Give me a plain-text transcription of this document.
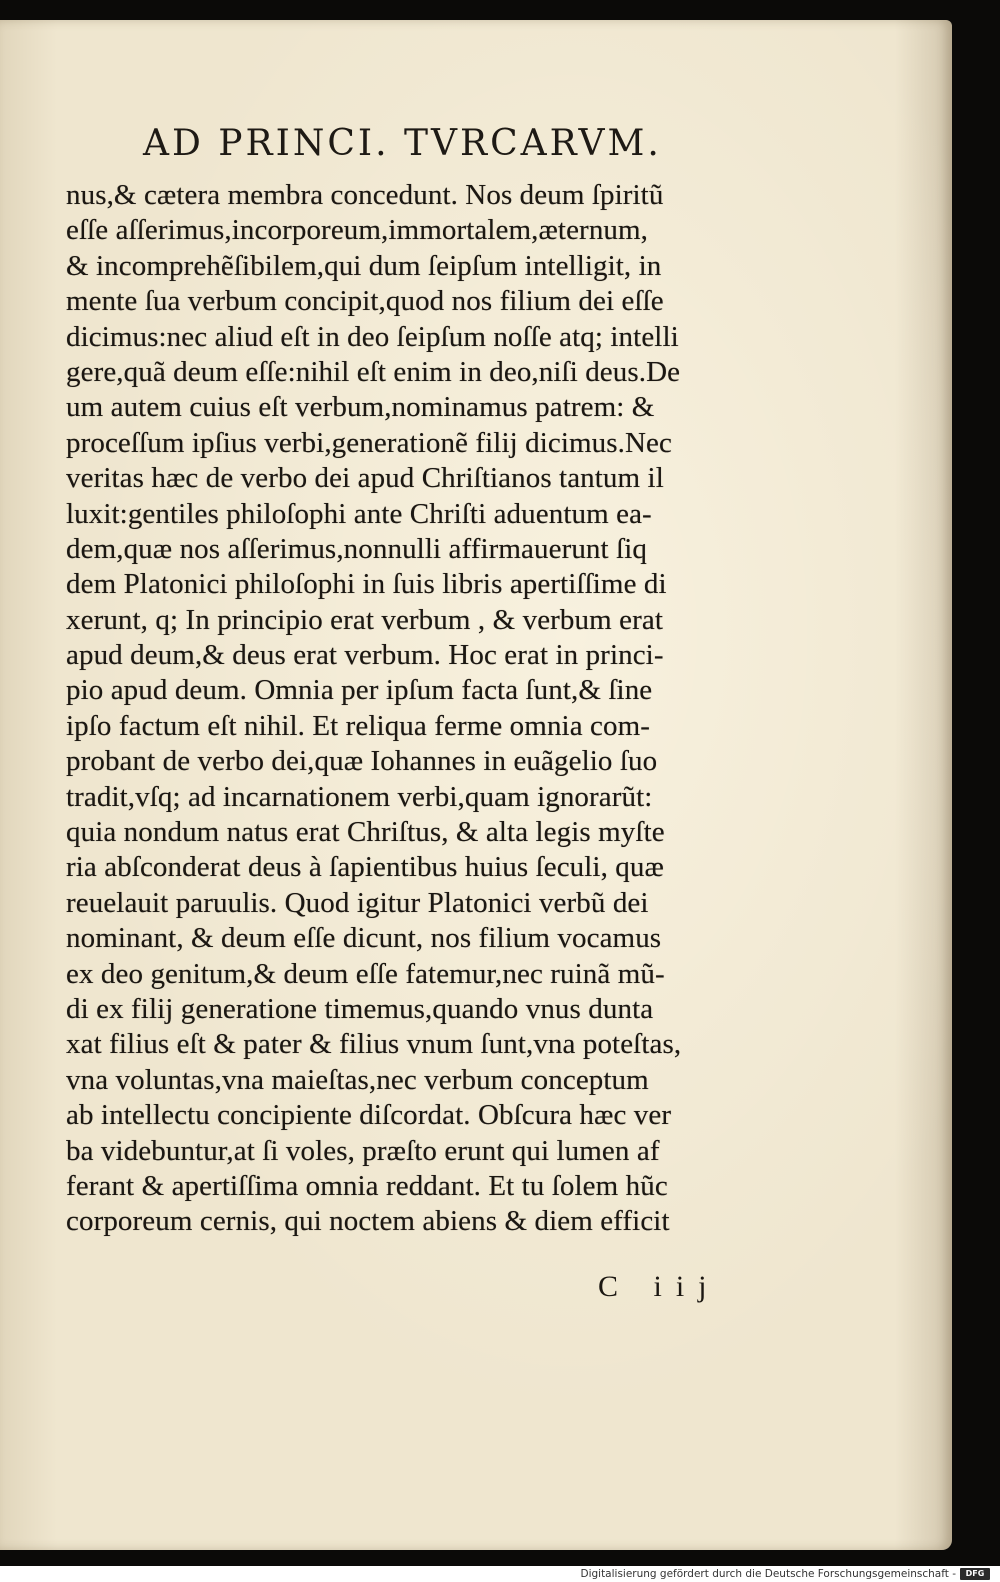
AD PRINCI. TVRCARVM.
nus,& cætera membra concedunt. Nos deum ſpiritũ
eſſe aſſerimus,incorporeum,immortalem,æternum,
& incomprehẽſibilem,qui dum ſeipſum intelligit, in
mente ſua verbum concipit,quod nos filium dei eſſe
dicimus:nec aliud eſt in deo ſeipſum noſſe atq; intelli
gere,quã deum eſſe:nihil eſt enim in deo,niſi deus.De
um autem cuius eſt verbum,nominamus patrem: &
proceſſum ipſius verbi,generationẽ filij dicimus.Nec
veritas hæc de verbo dei apud Chriſtianos tantum il
luxit:gentiles philoſophi ante Chriſti aduentum ea-
dem,quæ nos aſſerimus,nonnulli affirmauerunt ſiq
dem Platonici philoſophi in ſuis libris apertiſſime di
xerunt, q; In principio erat verbum , & verbum erat
apud deum,& deus erat verbum. Hoc erat in princi-
pio apud deum. Omnia per ipſum facta ſunt,& ſine
ipſo factum eſt nihil. Et reliqua ferme omnia com-
probant de verbo dei,quæ Iohannes in euãgelio ſuo
tradit,vſq; ad incarnationem verbi,quam ignorarũt:
quia nondum natus erat Chriſtus, & alta legis myſte
ria abſconderat deus à ſapientibus huius ſeculi, quæ
reuelauit paruulis. Quod igitur Platonici verbũ dei
nominant, & deum eſſe dicunt, nos filium vocamus
ex deo genitum,& deum eſſe fatemur,nec ruinã mũ-
di ex filij generatione timemus,quando vnus dunta
xat filius eſt & pater & filius vnum ſunt,vna poteſtas,
vna voluntas,vna maieſtas,nec verbum conceptum
ab intellectu concipiente diſcordat. Obſcura hæc ver
ba videbuntur,at ſi voles, præſto erunt qui lumen af
ferant & apertiſſima omnia reddant. Et tu ſolem hũc
corporeum cernis, qui noctem abiens & diem efficit

C iij

Digitalisierung gefördert durch die Deutsche Forschungsgemeinschaft -	DFG
